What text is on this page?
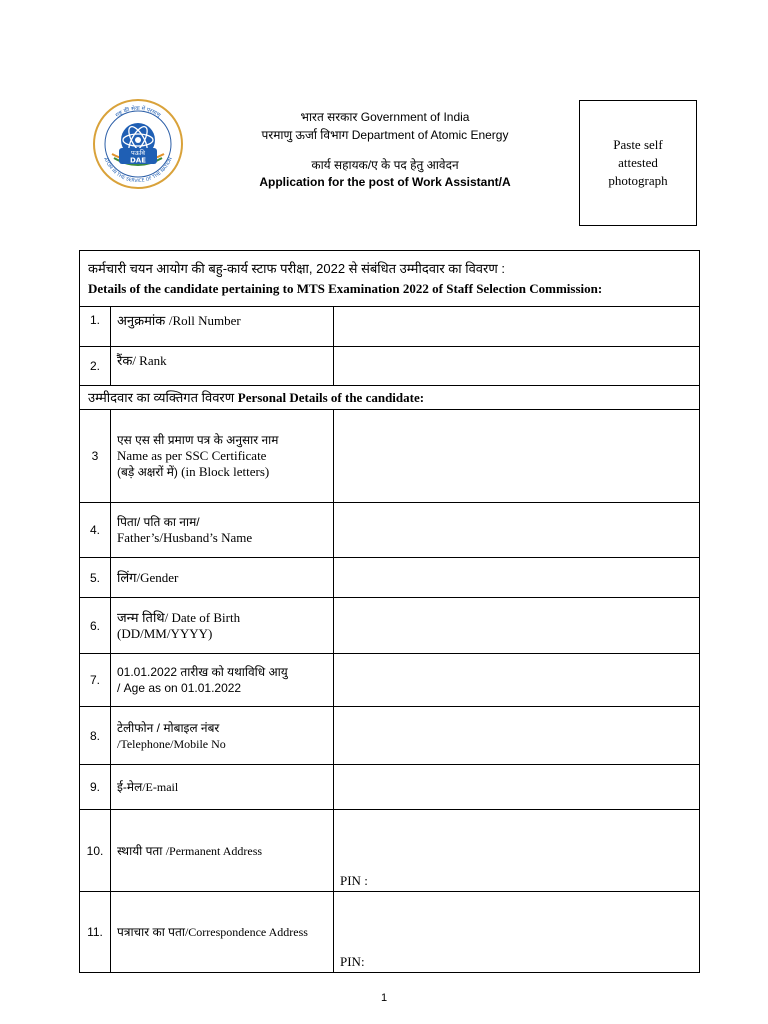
पऊवि
DAE
राष्ट्र की सेवा में परमाणु
ATOM IN THE SERVICE OF THE NATION
भारत सरकार Government of India
परमाणु ऊर्जा विभाग Department of Atomic Energy
कार्य सहायक/ए के पद हेतु आवेदन
Application for the post of Work Assistant/A
Paste self
attested
photograph
कर्मचारी चयन आयोग की बहु-कार्य स्टाफ परीक्षा, 2022 से संबंधित उम्मीदवार का विवरण :
Details of the candidate pertaining to MTS Examination 2022 of Staff Selection Commission:		
1.	अनुक्रमांक /Roll Number	
2.	रैंक/ Rank	
उम्मीदवार का व्यक्तिगत विवरण Personal Details of the candidate:		
3	एस एस सी प्रमाण पत्र के अनुसार नाम
Name as per SSC Certificate
(बड़े अक्षरों में) (in Block letters)	
4.	पिता/ पति का नाम/
Father’s/Husband’s Name	
5.	लिंग/Gender	
6.	जन्म तिथि/ Date of Birth
(DD/MM/YYYY)	
7.	01.01.2022 तारीख को यथाविधि आयु
/ Age as on 01.01.2022	
8.	टेलीफोन / मोबाइल नंबर
/Telephone/Mobile No	
9.	ई-मेल/E-mail	
10.	स्थायी पता /Permanent Address	PIN :

11.	पत्राचार का पता/Correspondence Address	PIN:
1
